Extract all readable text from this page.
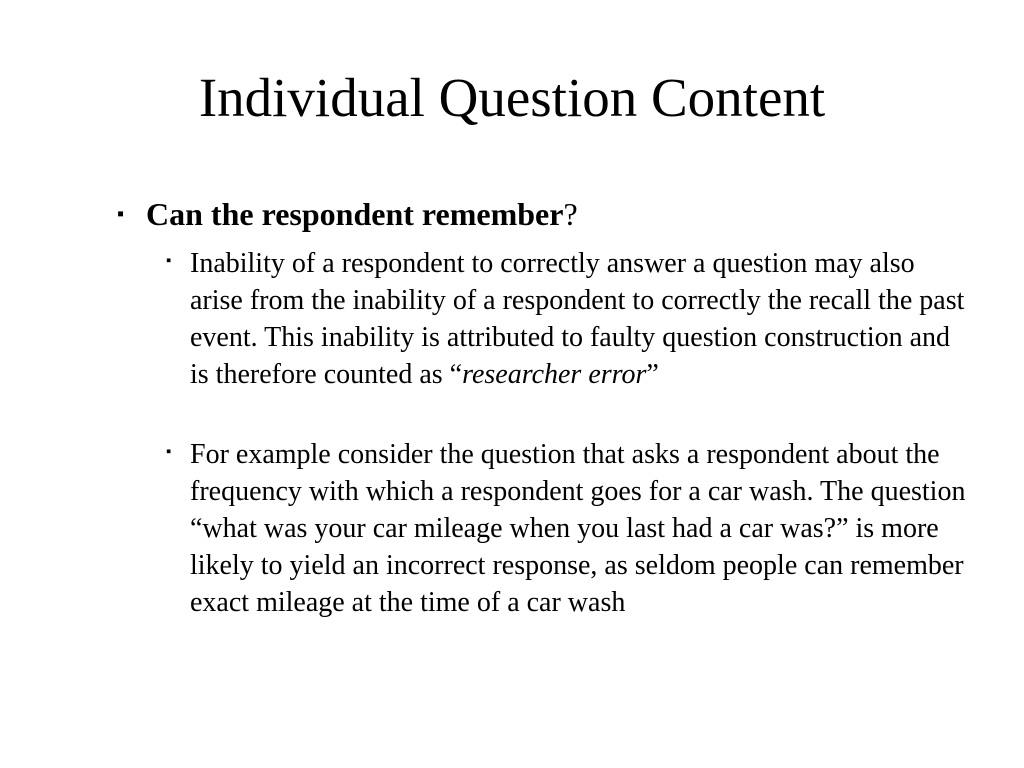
Individual Question Content
▪ Can the respondent remember?
▪ Inability of a respondent to correctly answer a question may also arise from the inability of a respondent to correctly the recall the past event. This inability is attributed to faulty question construction and is therefore counted as “researcher error”
▪ For example consider the question that asks a respondent about the frequency with which a respondent goes for a car wash. The question “what was your car mileage when you last had a car was?” is more likely to yield an incorrect response, as seldom people can remember exact mileage at the time of a car wash
